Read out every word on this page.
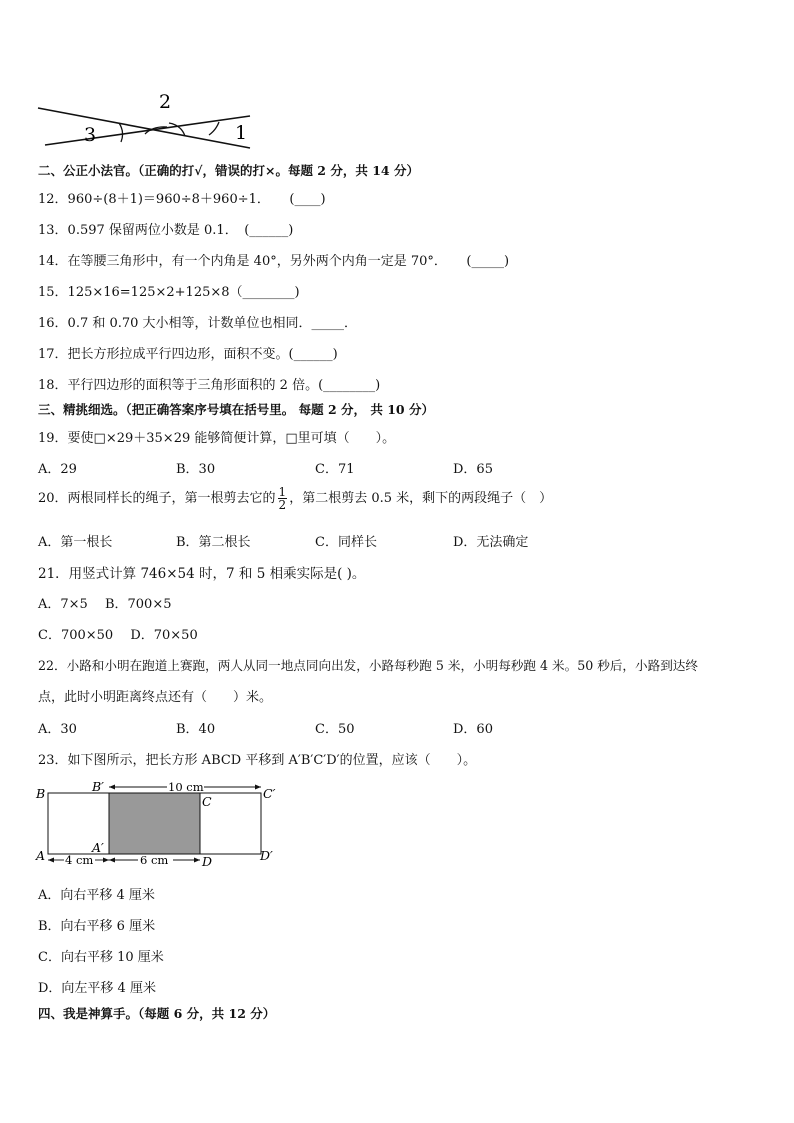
3
2
1
二、公正小法官。（正确的打√，错误的打×。每题 2 分，共 14 分）
12．960÷(8＋1)＝960÷8＋960÷1．　　(____)
13．0.597 保留两位小数是 0.1．　(______)
14．在等腰三角形中，有一个内角是 40°，另外两个内角一定是 70°．　　(_____)
15．125×16=125×2+125×8（________)
16．0.7 和 0.70 大小相等，计数单位也相同．_____．
17．把长方形拉成平行四边形，面积不变。(______)
18．平行四边形的面积等于三角形面积的 2 倍。(________)
三、精挑细选。（把正确答案序号填在括号里。 每题 2 分， 共 10 分）
19．要使□×29＋35×29 能够简便计算，□里可填（　　）。
A．29	B．30	C．71	D．65
20．两根同样长的绳子，第一根剪去它的 $\frac{1}{2}$ ，第二根剪去 0.5 米，剩下的两段绳子（　）
A．第一根长	B．第二根长	C．同样长	D．无法确定
21．用竖式计算 746×54 时，7 和 5 相乘实际是( )。
A．7×5　 B．700×5
C．700×50　 D．70×50
22．小路和小明在跑道上赛跑，两人从同一地点同向出发，小路每秒跑 5 米，小明每秒跑 4 米。50 秒后，小路到达终
点，此时小明距离终点还有（　　）米。
A．30	B．40	C．50	D．60
23．如下图所示，把长方形 ABCD 平移到 A′B′C′D′的位置，应该（　　）。
10 cm
4 cm	6 cm
B
A
B′
A′
C
D
C′
D′
A．向右平移 4 厘米
B．向右平移 6 厘米
C．向右平移 10 厘米
D．向左平移 4 厘米
四、我是神算手。（每题 6 分，共 12 分）
